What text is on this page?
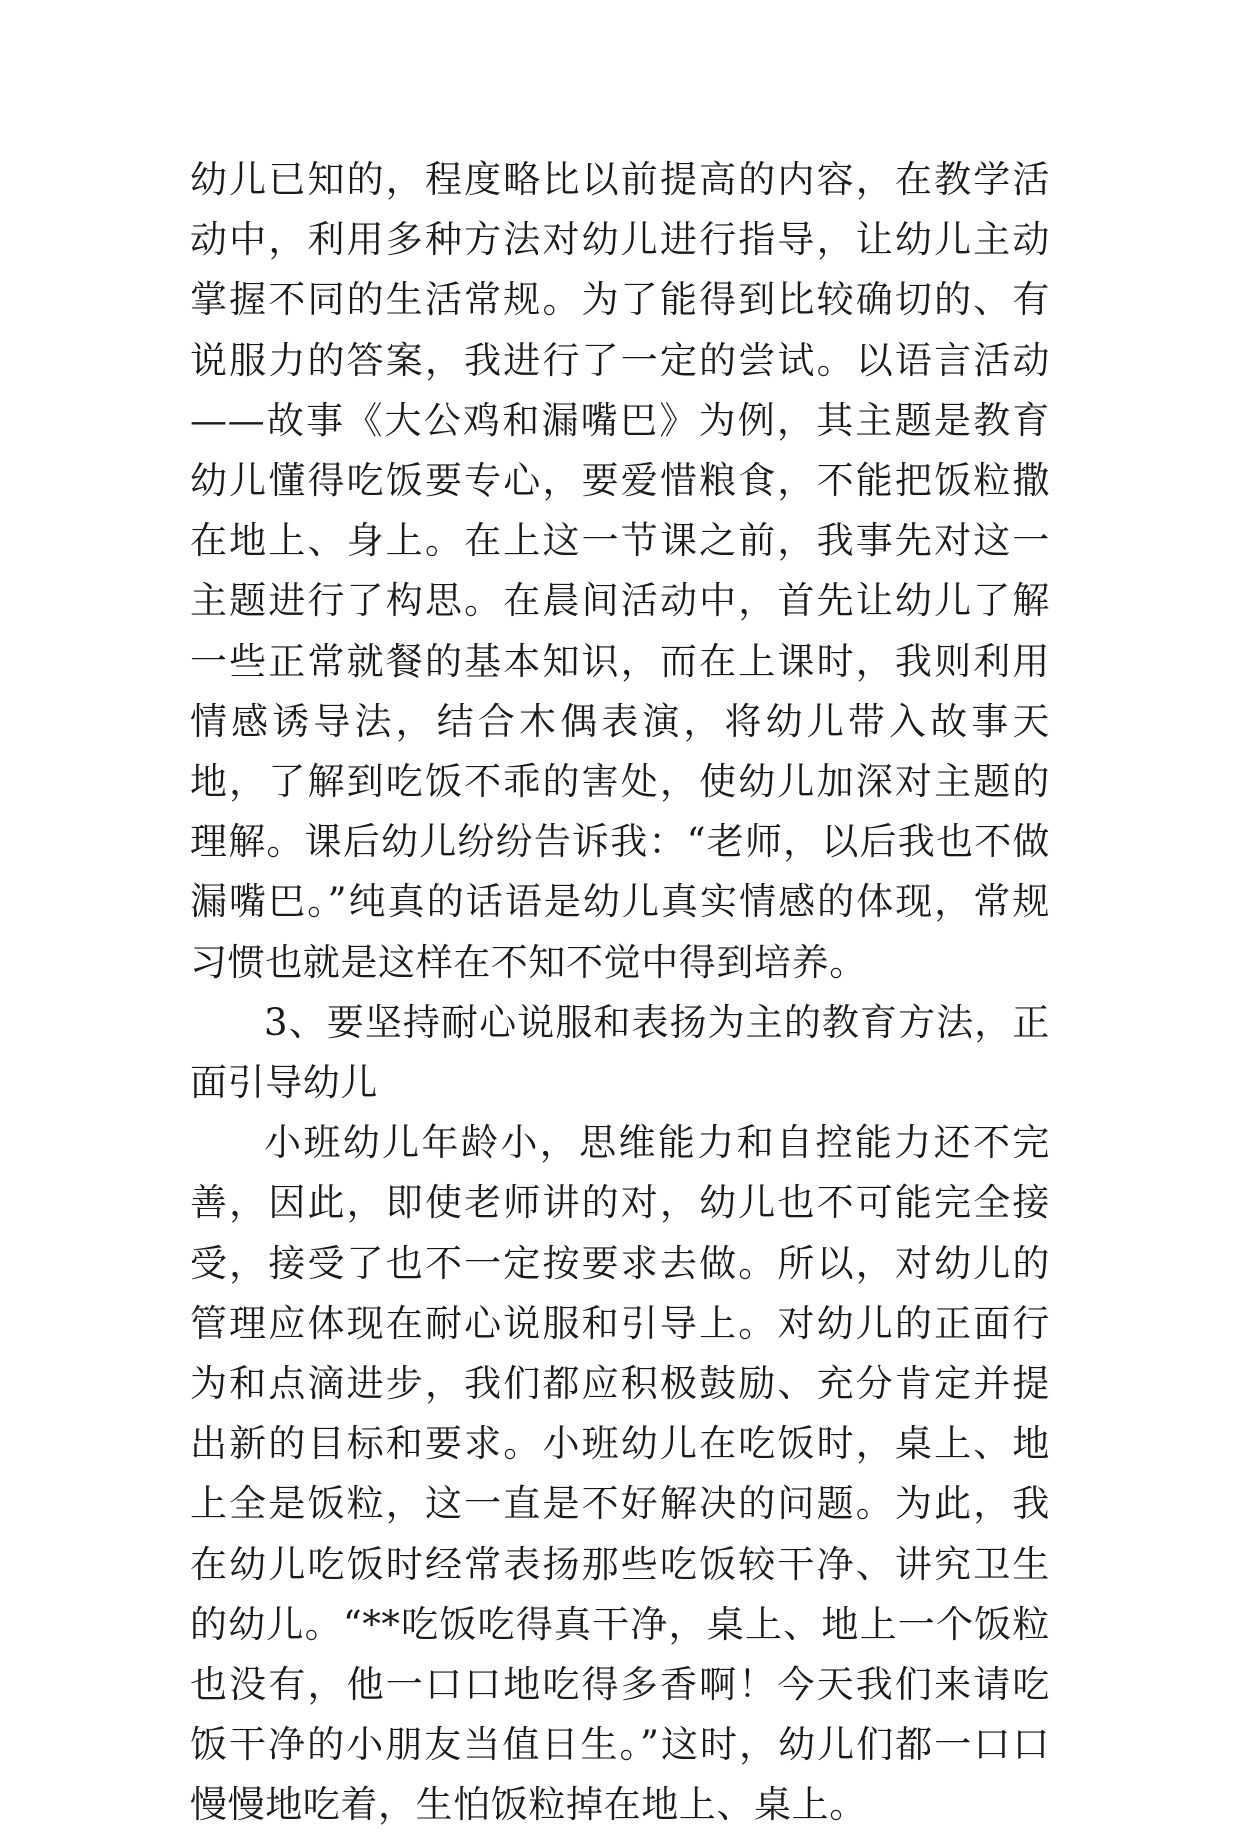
幼儿已知的，程度略比以前提高的内容，在教学活动中，利用多种方法对幼儿进行指导，让幼儿主动掌握不同的生活常规。为了能得到比较确切的、有说服力的答案，我进行了一定的尝试。以语言活动——故事《大公鸡和漏嘴巴》为例，其主题是教育幼儿懂得吃饭要专心，要爱惜粮食，不能把饭粒撒在地上、身上。在上这一节课之前，我事先对这一主题进行了构思。在晨间活动中，首先让幼儿了解一些正常就餐的基本知识，而在上课时，我则利用情感诱导法，结合木偶表演，将幼儿带入故事天地，了解到吃饭不乖的害处，使幼儿加深对主题的理解。课后幼儿纷纷告诉我：“老师，以后我也不做漏嘴巴。”纯真的话语是幼儿真实情感的体现，常规习惯也就是这样在不知不觉中得到培养。

3、要坚持耐心说服和表扬为主的教育方法，正面引导幼儿

小班幼儿年龄小，思维能力和自控能力还不完善，因此，即使老师讲的对，幼儿也不可能完全接受，接受了也不一定按要求去做。所以，对幼儿的管理应体现在耐心说服和引导上。对幼儿的正面行为和点滴进步，我们都应积极鼓励、充分肯定并提出新的目标和要求。小班幼儿在吃饭时，桌上、地上全是饭粒，这一直是不好解决的问题。为此，我在幼儿吃饭时经常表扬那些吃饭较干净、讲究卫生的幼儿。“**吃饭吃得真干净，桌上、地上一个饭粒也没有，他一口口地吃得多香啊！今天我们来请吃饭干净的小朋友当值日生。”这时，幼儿们都一口口慢慢地吃着，生怕饭粒掉在地上、桌上。
